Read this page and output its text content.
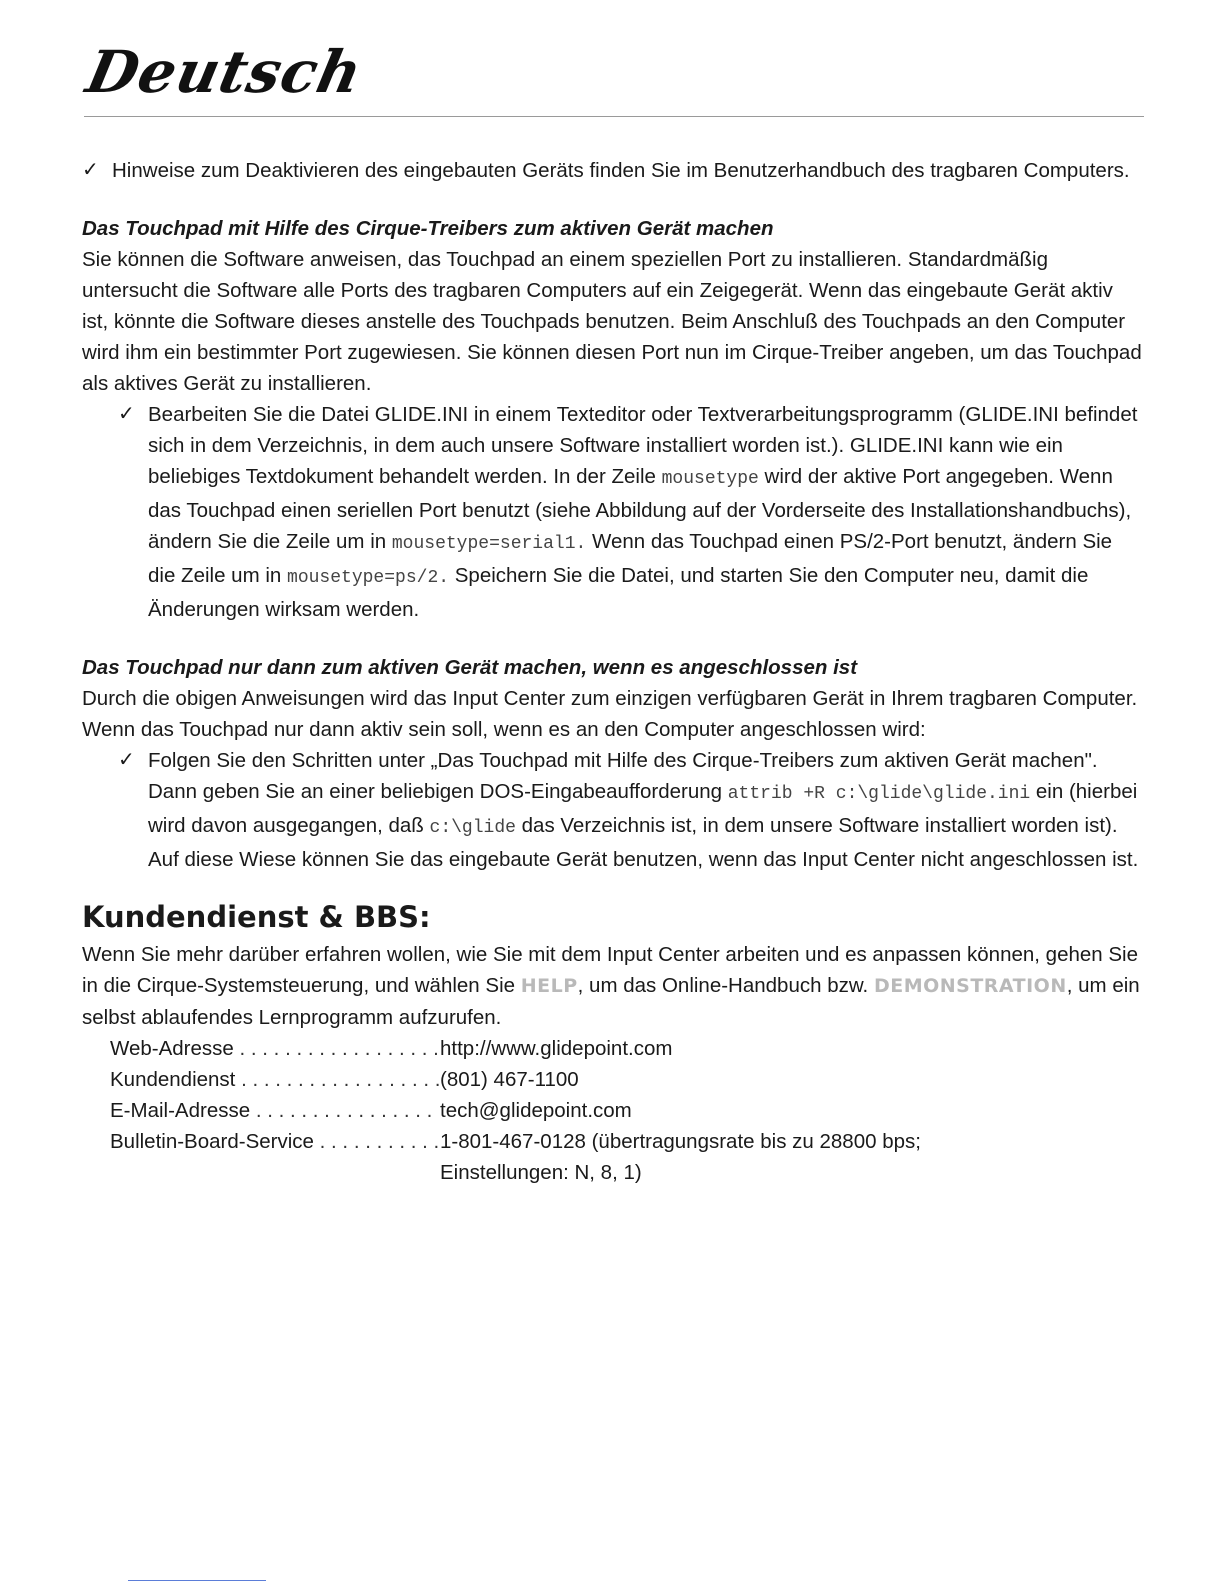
Deutsch
✓ Hinweise zum Deaktivieren des eingebauten Geräts finden Sie im Benutzerhandbuch des tragbaren Computers.

Das Touchpad mit Hilfe des Cirque-Treibers zum aktiven Gerät machen

Sie können die Software anweisen, das Touchpad an einem speziellen Port zu installieren. Standardmäßig untersucht die Software alle Ports des tragbaren Computers auf ein Zeigegerät. Wenn das eingebaute Gerät aktiv ist, könnte die Software dieses anstelle des Touchpads benutzen. Beim Anschluß des Touchpads an den Computer wird ihm ein bestimmter Port zugewiesen. Sie können diesen Port nun im Cirque-Treiber angeben, um das Touchpad als aktives Gerät zu installieren.

✓ Bearbeiten Sie die Datei GLIDE.INI in einem Texteditor oder Textverarbeitungsprogramm (GLIDE.INI befindet sich in dem Verzeichnis, in dem auch unsere Software installiert worden ist.). GLIDE.INI kann wie ein beliebiges Textdokument behandelt werden. In der Zeile mousetype wird der aktive Port angegeben. Wenn das Touchpad einen seriellen Port benutzt (siehe Abbildung auf der Vorderseite des Installationshandbuchs), ändern Sie die Zeile um in mousetype=serial1. Wenn das Touchpad einen PS/2-Port benutzt, ändern Sie die Zeile um in mousetype=ps/2. Speichern Sie die Datei, und starten Sie den Computer neu, damit die Änderungen wirksam werden.

Das Touchpad nur dann zum aktiven Gerät machen, wenn es angeschlossen ist

Durch die obigen Anweisungen wird das Input Center zum einzigen verfügbaren Gerät in Ihrem tragbaren Computer. Wenn das Touchpad nur dann aktiv sein soll, wenn es an den Computer angeschlossen wird:

✓ Folgen Sie den Schritten unter „Das Touchpad mit Hilfe des Cirque-Treibers zum aktiven Gerät machen". Dann geben Sie an einer beliebigen DOS-Eingabeaufforderung attrib +R c:\glide\glide.ini ein (hierbei wird davon ausgegangen, daß c:\glide das Verzeichnis ist, in dem unsere Software installiert worden ist). Auf diese Wiese können Sie das eingebaute Gerät benutzen, wenn das Input Center nicht angeschlossen ist.
Kundendienst & BBS:

Wenn Sie mehr darüber erfahren wollen, wie Sie mit dem Input Center arbeiten und es anpassen können, gehen Sie in die Cirque-Systemsteuerung, und wählen Sie HELP, um das Online-Handbuch bzw. DEMONSTRATION, um ein selbst ablaufendes Lernprogramm aufzurufen.

Web-Adresse . . .	http://www.glidepoint.com
Kundendienst . . .	(801) 467-1100
E-Mail-Adresse . . .	tech@glidepoint.com
Bulletin-Board-Service . . .	1-801-467-0128 (übertragungsrate bis zu 28800 bps;
Einstellungen: N, 8, 1)
